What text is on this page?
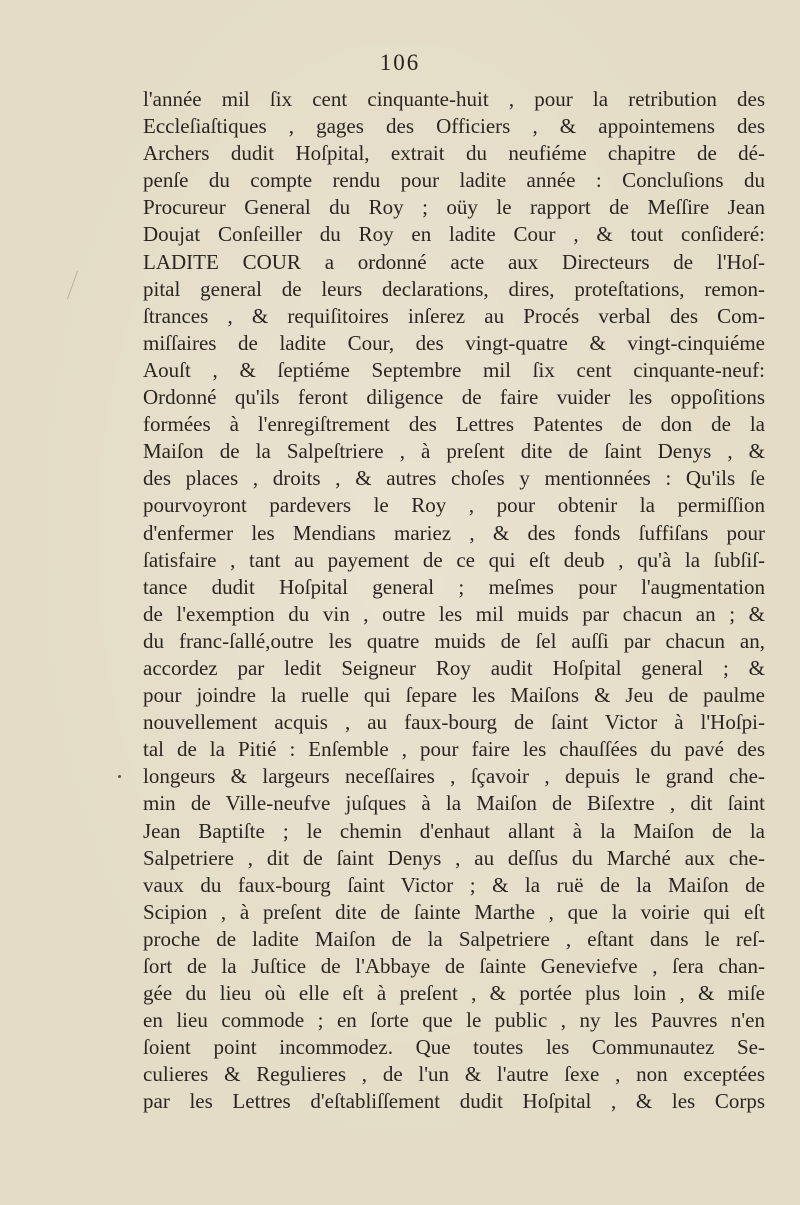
106
l'année mil ſix cent cinquante-huit , pour la retribution des
Eccleſiaſtiques , gages des Officiers , & appointemens des
Archers dudit Hoſpital, extrait du neufiéme chapitre de dé-
penſe du compte rendu pour ladite année : Concluſions du
Procureur General du Roy ; oüy le rapport de Meſſire Jean
Doujat Conſeiller du Roy en ladite Cour , & tout conſideré:
LADITE COUR a ordonné acte aux Directeurs de l'Hoſ-
pital general de leurs declarations, dires, proteſtations, remon-
ſtrances , & requiſitoires inſerez au Procés verbal des Com-
miſſaires de ladite Cour, des vingt-quatre & vingt-cinquiéme
Aouſt , & ſeptiéme Septembre mil ſix cent cinquante-neuf:
Ordonné qu'ils feront diligence de faire vuider les oppoſitions
formées à l'enregiſtrement des Lettres Patentes de don de la
Maiſon de la Salpeſtriere , à preſent dite de ſaint Denys , &
des places , droits , & autres choſes y mentionnées : Qu'ils ſe
pourvoyront pardevers le Roy , pour obtenir la permiſſion
d'enfermer les Mendians mariez , & des fonds ſuffiſans pour
ſatisfaire , tant au payement de ce qui eſt deub , qu'à la ſubſiſ-
tance dudit Hoſpital general ; meſmes pour l'augmentation
de l'exemption du vin , outre les mil muids par chacun an ; &
du franc-ſallé,outre les quatre muids de ſel auſſi par chacun an,
accordez par ledit Seigneur Roy audit Hoſpital general ; &
pour joindre la ruelle qui ſepare les Maiſons & Jeu de paulme
nouvellement acquis , au faux-bourg de ſaint Victor à l'Hoſpi-
tal de la Pitié : Enſemble , pour faire les chauſſées du pavé des
longeurs & largeurs neceſſaires , ſçavoir , depuis le grand che-
min de Ville-neufve juſques à la Maiſon de Biſextre , dit ſaint
Jean Baptiſte ; le chemin d'enhaut allant à la Maiſon de la
Salpetriere , dit de ſaint Denys , au deſſus du Marché aux che-
vaux du faux-bourg ſaint Victor ; & la ruë de la Maiſon de
Scipion , à preſent dite de ſainte Marthe , que la voirie qui eſt
proche de ladite Maiſon de la Salpetriere , eſtant dans le reſ-
ſort de la Juſtice de l'Abbaye de ſainte Geneviefve , ſera chan-
gée du lieu où elle eſt à preſent , & portée plus loin , & miſe
en lieu commode ; en ſorte que le public , ny les Pauvres n'en
ſoient point incommodez. Que toutes les Communautez Se-
culieres & Regulieres , de l'un & l'autre ſexe , non exceptées
par les Lettres d'eſtabliſſement dudit Hoſpital , & les Corps
